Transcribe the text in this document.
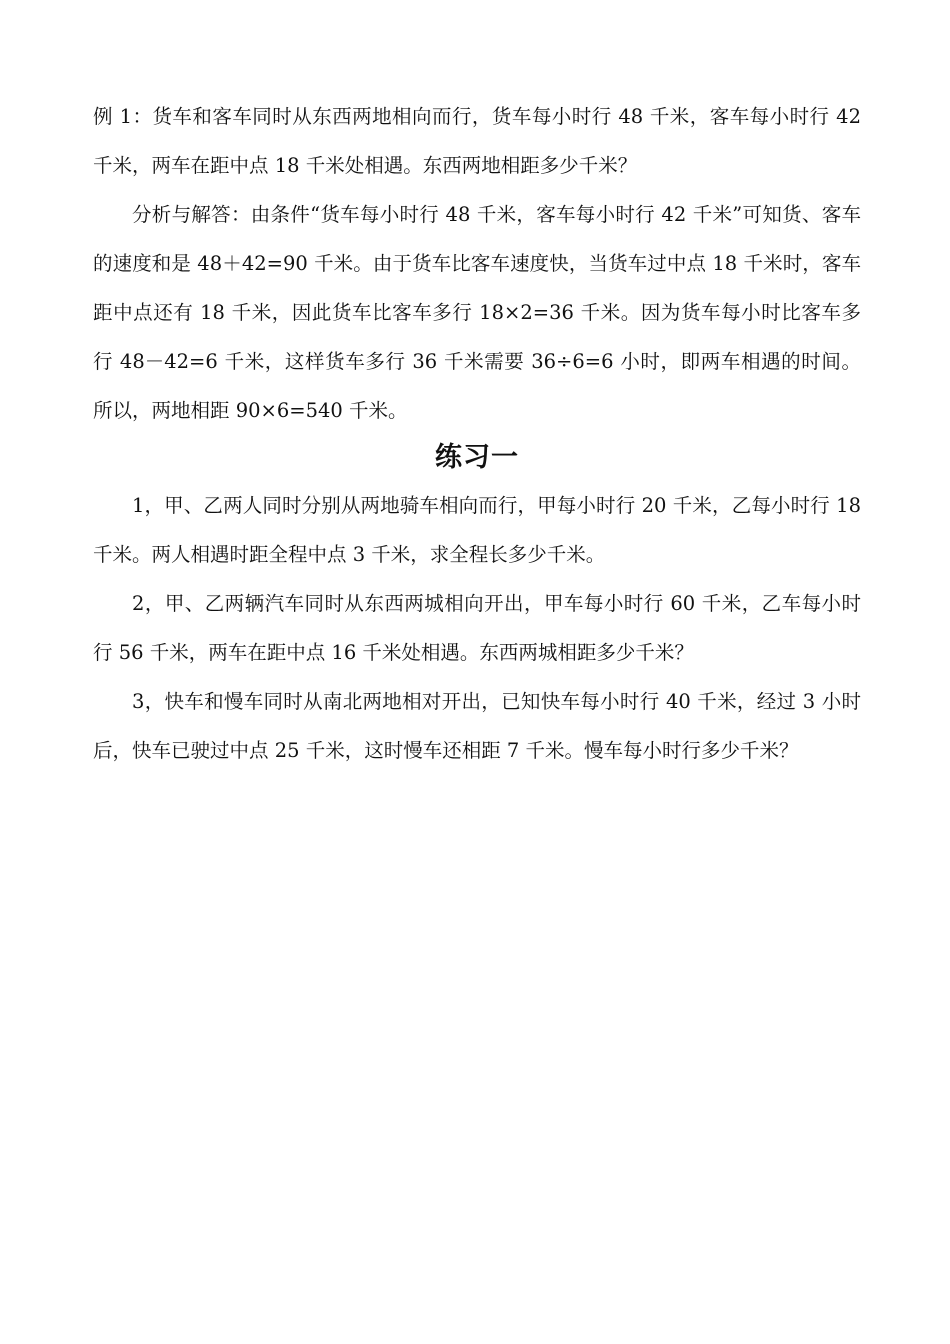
例 1：货车和客车同时从东西两地相向而行，货车每小时行 48 千米，客车每小时行 42 千米，两车在距中点 18 千米处相遇。东西两地相距多少千米？

分析与解答：由条件“货车每小时行 48 千米，客车每小时行 42 千米”可知货、客车的速度和是 48＋42=90 千米。由于货车比客车速度快，当货车过中点 18 千米时，客车距中点还有 18 千米，因此货车比客车多行 18×2=36 千米。因为货车每小时比客车多行 48－42=6 千米，这样货车多行 36 千米需要 36÷6=6 小时，即两车相遇的时间。所以，两地相距 90×6=540 千米。

练习一

1，甲、乙两人同时分别从两地骑车相向而行，甲每小时行 20 千米，乙每小时行 18 千米。两人相遇时距全程中点 3 千米，求全程长多少千米。

2，甲、乙两辆汽车同时从东西两城相向开出，甲车每小时行 60 千米，乙车每小时行 56 千米，两车在距中点 16 千米处相遇。东西两城相距多少千米？

3，快车和慢车同时从南北两地相对开出，已知快车每小时行 40 千米，经过 3 小时后，快车已驶过中点 25 千米，这时慢车还相距 7 千米。慢车每小时行多少千米？
